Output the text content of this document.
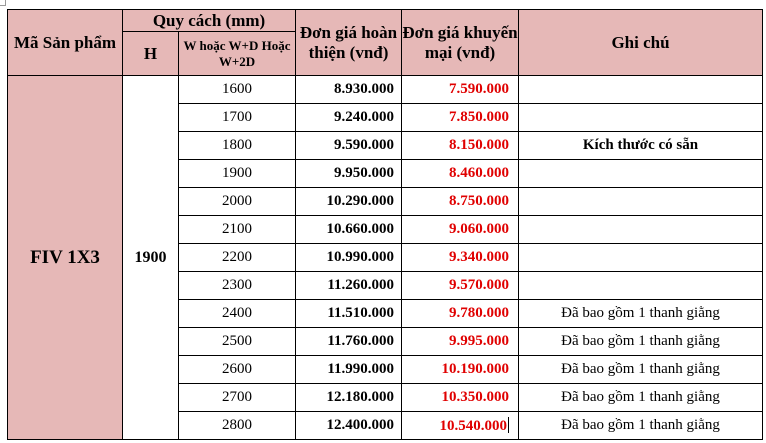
Mã Sản phẩm	Quy cách (mm)		Đơn giá hoàn thiện (vnđ)	Đơn giá khuyến mại (vnđ)	Ghi chú
	H	W hoặc W+D Hoặc W+2D			
FIV 1X3	1900	1600	8.930.000	7.590.000	
		1700	9.240.000	7.850.000	
		1800	9.590.000	8.150.000	Kích thước có sẵn
		1900	9.950.000	8.460.000	
		2000	10.290.000	8.750.000	
		2100	10.660.000	9.060.000	
		2200	10.990.000	9.340.000	
		2300	11.260.000	9.570.000	
		2400	11.510.000	9.780.000	Đã bao gồm 1 thanh giằng
		2500	11.760.000	9.995.000	Đã bao gồm 1 thanh giằng
		2600	11.990.000	10.190.000	Đã bao gồm 1 thanh giằng
		2700	12.180.000	10.350.000	Đã bao gồm 1 thanh giằng
		2800	12.400.000	10.540.000	Đã bao gồm 1 thanh giằng
